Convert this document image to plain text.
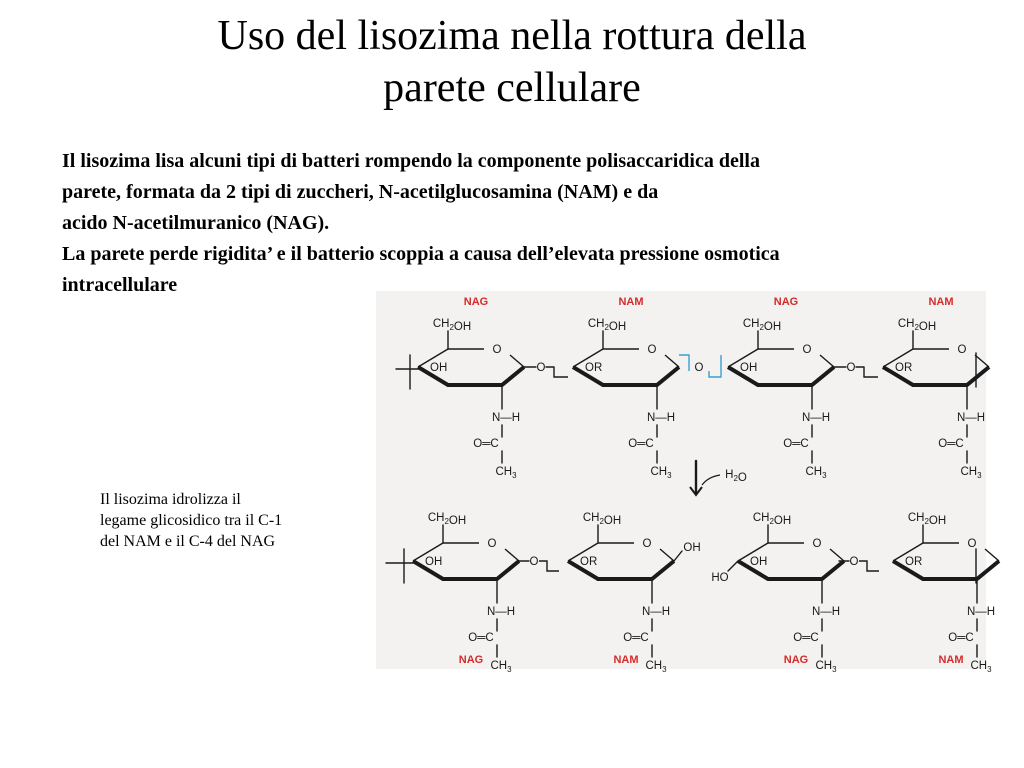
Uso del lisozima nella rottura della
parete cellulare
Il lisozima lisa alcuni tipi di batteri rompendo la componente polisaccaridica della
parete, formata da 2 tipi di zuccheri, N-acetilglucosamina (NAM) e da
acido N-acetilmuranico (NAG).
La parete perde rigidita’ e il batterio scoppia a causa dell’elevata pressione osmotica
intracellulare
Il lisozima idrolizza il
legame glicosidico tra il C-1
del NAM e il C-4 del NAG
NAG
O
$CH_2OH$
OH
N—H
O═C
$CH_3$
NAM
O
$CH_2OH$
OR
N—H
O═C
$CH_3$
NAG
O
$CH_2OH$
OH
N—H
O═C
$CH_3$
NAM
O
$CH_2OH$
OR
N—H
O═C
$CH_3$
O	O
O
$H_2O$
O
$CH_2OH$
OH
N—H
O═C
$CH_3$
NAG
O
$CH_2OH$
OR
N—H
O═C
$CH_3$
NAM
O
$CH_2OH$
OH
N—H
O═C
$CH_3$
NAG
O
$CH_2OH$
OR
N—H
O═C
$CH_3$
NAM
O	O
OH
HO
